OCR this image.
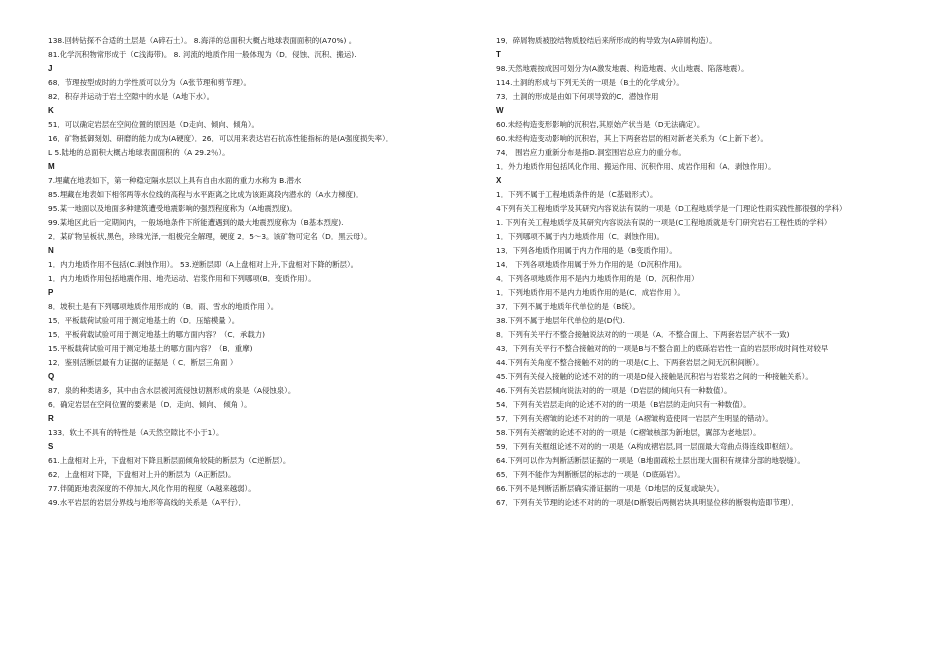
138.回转钻探不合适的土层是（A碎石土）。 8.海洋的总面积大概占地球表面面积的(A70%) 。
81.化学沉积物常形成于（C浅海带)。 8. 河流的地质作用一般体现为（D．侵蚀、沉积、搬运).
J
68．节理按型成时的力学性质可以分为（A张节理和剪节理）。
82．积存并运动于岩土空隙中的水是（A地下水）。
K
51．可以确定岩层在空间位置的原因是（D走向、倾向、倾角）。
16．矿物抵御刻划、研磨的能力成为(A硬度）．26．可以用来表达岩石抗冻性能指标的是(A强度损失率）．
L 5.陆地的总面积大概占地球表面面积的（A 29.2％）。
M
7.埋藏在地表如下，第一种稳定隔水层以上具有自由水面的重力水称为 B.潜水
85.埋藏在地表如下相邻两等水位线的高程与水平距离之比成为该距离段内潜水的（A水力梯度)．
95.某一地面以及地面多种建筑遭受地震影响的强烈程度称为（A地震烈度)。
99.某地区此后一定期间内，一般场地条件下所能遭遇到的最大地震烈度称为（B基本烈度).
2．某矿物呈板状,黑色，珍珠光泽,一组极完全解理，硬度 2．5～3。该矿物可定名（D．黑云母）。
N
1．内力地质作用不包括(C.剥蚀作用）。 53.逆断层即（A上盘相对上升,下盘相对下降的断层）。
1．内力地质作用包括地震作用、地壳运动、岩浆作用和下列哪项(B．变质作用）。
P
8．坡积土是有下列哪项地质作用形成的（B．雨、雪水的地质作用 ）。
15．平板载荷试验可用于测定地基土的（D．压缩模量 ）。
15．平板荷载试验可用于测定地基土的哪方面内容？（C．承载力)
15.平板载荷试验可用于测定地基土的哪方面内容？（B．重摩)
12．鉴别活断层最有力证据的证据是（ C．断层三角面 ）
Q
87．泉的种类诸多，其中由含水层被河流侵蚀切割形成的泉是（A侵蚀泉）。
6．确定岩层在空间位置的要素是（D．走向、倾向、 倾角 ）。
R
133．软土不具有的特性是（A天然空隙比不小于1）。
S
61.上盘相对上升，下盘相对下降且断层面倾角较陡的断层为（C逆断层）。
62．上盘相对下降，下盘相对上升的断层为（A正断层)。
77.伴随距地表深度的不停加大,风化作用的程度（A越来越弱）。
49.水平岩层的岩层分界线与地形等高线的关系是（A平行）．
19．碎屑物质被胶结物质胶结后来所形成的构导致为(A碎屑构造）。
T
98.天然地震按成因可划分为(A激发地震、构造地震、火山地震、陷落地震）。
114.土洞的形成与下列无关的一项是（B土的化学成分）。
73．土洞的形成是由如下何项导致的C．潜蚀作用
W
60.未经构造变形影响的沉积岩,其原始产状当是（D无法确定）。
60.未经构造变动影响的沉积岩，其上下两套岩层的相对新老关系为（C上新下老）。
74． 围岩应力重新分布是指D.洞室围岩总应力的重分布。
1．外力地质作用包括风化作用、搬运作用、沉积作用、成岩作用和（A．剥蚀作用）。
X
1．下列不属于工程地质条件的是（C基础形式）。
4下列有关工程地质学及其研究内容说法有误的一项是（D工程地质学是一门理论性雨实践性都很强的学科）
1. 下列有关工程地质学及其研究内容说法有误的一项是(C工程地质就是专门研究岩石工程性质的学科）
1．下列哪项不属于内力地质作用（C．剥蚀作用)。
13．下列各地质作用属于内力作用的是（B变质作用）。
14． 下列各项地质作用属于外力作用的是（D沉积作用)。
4．下列各项地质作用不是内力地质作用的是（D．沉积作用）
1．下列地质作用不是内力地质作用的是(C．成岩作用 ）。
37．下列不属于地质年代单位的是（B统）。
38.下列不属于地层年代单位的是(D代).
8．下列有关平行不整合接触说法对的的一项是（A．不整合面上、下两套岩层产状不一致)
43．下列有关平行不整合接触对的的一项是B与不整合面上的底砾岩岩性一直的岩层形成时间性对较早
44.下列有关角度不整合接触不对的的一项是(C上、下两套岩层之间无沉积间断）。
45.下列有关侵入接触的论述不对的的一项是D侵入接触是沉积岩与岩浆岩之间的一种接触关系）。
46.下列有关岩层倾向说法对的的一项是（D岩层的倾向只有一种数值）。
54．下列有关岩层走向的论述不对的的一项是（B岩层的走向只有一种数值）。
57．下列有关褶皱的论述不对的的一项是（A褶皱构造使同一岩层产生明显的错动）。
58.下列有关褶皱的论述不对的的一项是（C褶皱核部为新地层，翼部为老地层）。
59．下列有关框组论述不对的的一项是（A构成褶岩层,同一层面最大弯曲点得连线即枢纽）。
64.下列可以作为判断活断层证据的一项是（B地面疏松土层出现大面积有规律分部的地裂缝）。
65．下列不能作为判断断层的标志的一项是（D底砾岩）。
66.下列不是判断活断层确实滑证据的一项是（D地层的反复或缺失）。
67．下列有关节理的论述不对的的一项是(D断裂后两侧岩块具明显位移的断裂构造即节理）．
